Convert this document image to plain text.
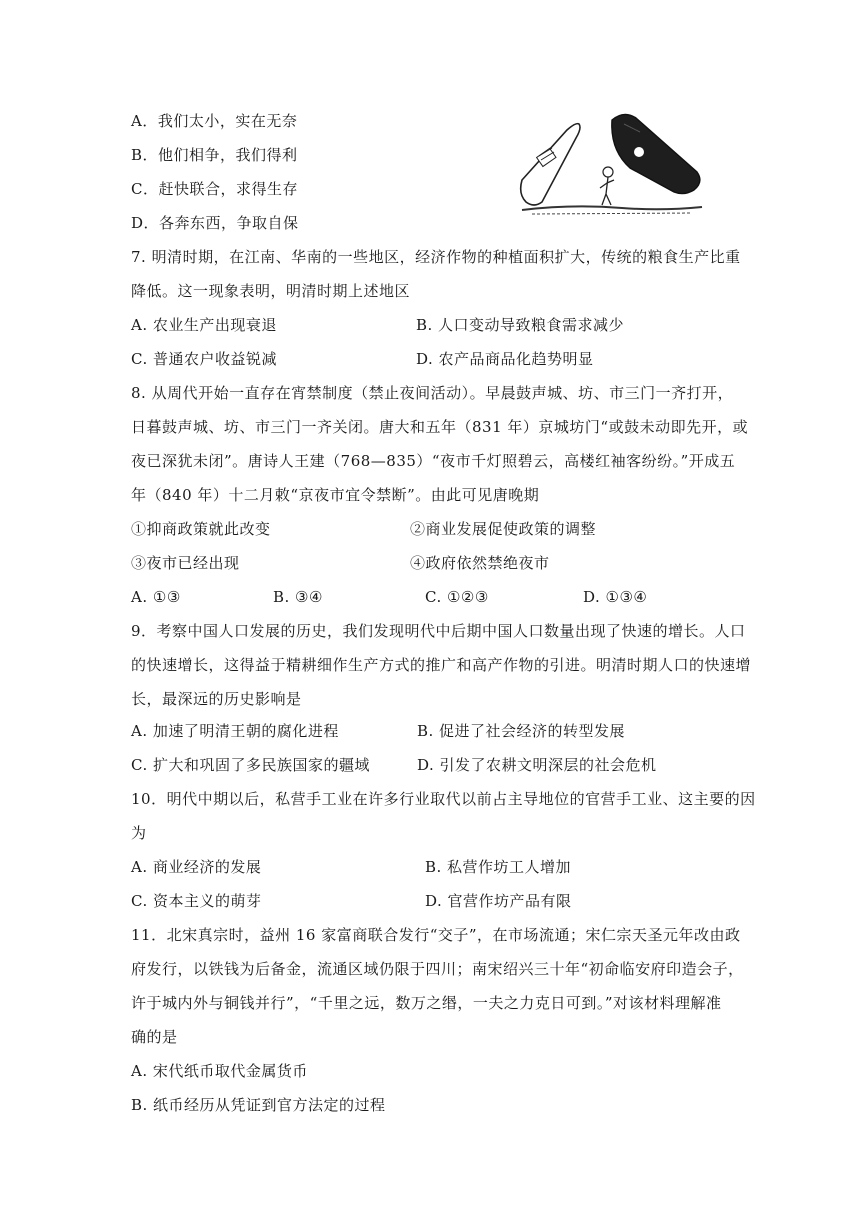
A．我们太小，实在无奈
B．他们相争，我们得利
C．赶快联合，求得生存
D．各奔东西，争取自保
7. 明清时期，在江南、华南的一些地区，经济作物的种植面积扩大，传统的粮食生产比重
降低。这一现象表明，明清时期上述地区
A. 农业生产出现衰退	B. 人口变动导致粮食需求减少
C. 普通农户收益锐减	D. 农产品商品化趋势明显
8. 从周代开始一直存在宵禁制度（禁止夜间活动）。早晨鼓声城、坊、市三门一齐打开，
日暮鼓声城、坊、市三门一齐关闭。唐大和五年（831 年）京城坊门“或鼓未动即先开，或
夜已深犹未闭”。唐诗人王建（768—835）“夜市千灯照碧云，高楼红袖客纷纷。”开成五
年（840 年）十二月敕“京夜市宜令禁断”。由此可见唐晚期
①抑商政策就此改变	②商业发展促使政策的调整
③夜市已经出现	④政府依然禁绝夜市
A. ①③	B. ③④	C. ①②③	D. ①③④
9．考察中国人口发展的历史，我们发现明代中后期中国人口数量出现了快速的增长。人口
的快速增长，这得益于精耕细作生产方式的推广和高产作物的引进。明清时期人口的快速增
长，最深远的历史影响是
A. 加速了明清王朝的腐化进程	B. 促进了社会经济的转型发展
C. 扩大和巩固了多民族国家的疆域	D. 引发了农耕文明深层的社会危机
10．明代中期以后，私营手工业在许多行业取代以前占主导地位的官营手工业、这主要的因
为
A. 商业经济的发展	B. 私营作坊工人增加
C. 资本主义的萌芽	D. 官营作坊产品有限
11．北宋真宗时，益州 16 家富商联合发行“交子”，在市场流通；宋仁宗天圣元年改由政
府发行，以铁钱为后备金，流通区域仍限于四川；南宋绍兴三十年“初命临安府印造会子，
许于城内外与铜钱并行”，“千里之远，数万之缗，一夫之力克日可到。”对该材料理解准
确的是
A. 宋代纸币取代金属货币
B. 纸币经历从凭证到官方法定的过程
